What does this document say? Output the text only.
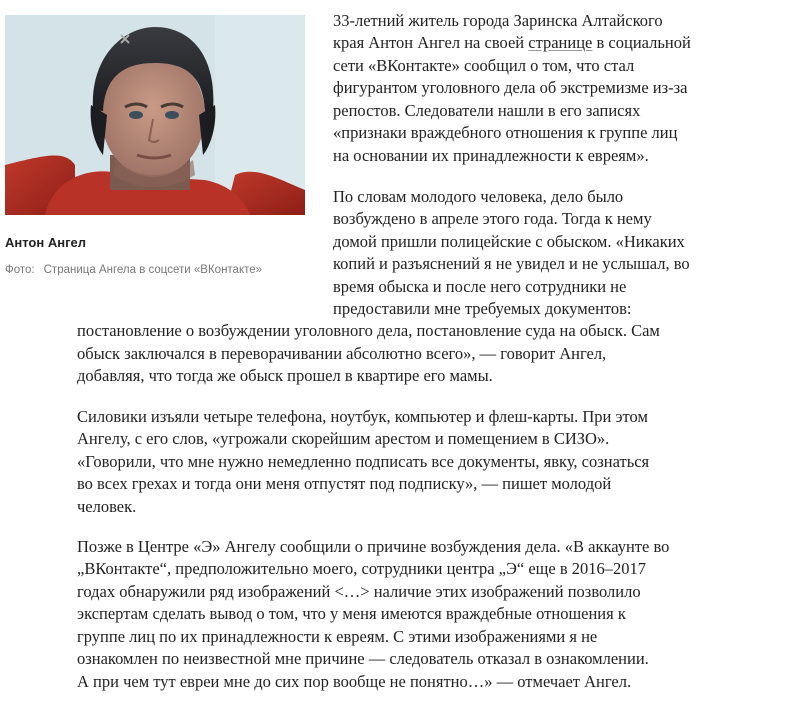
Антон Ангел
Фото: Страница Ангела в соцсети «ВКонтакте»
33-летний житель города Заринска Алтайского
края Антон Ангел на своей странице в социальной
сети «ВКонтакте» сообщил о том, что стал
фигурантом уголовного дела об экстремизме из-за
репостов. Следователи нашли в его записях
«признаки враждебного отношения к группе лиц
на основании их принадлежности к евреям».
По словам молодого человека, дело было
возбуждено в апреле этого года. Тогда к нему
домой пришли полицейские с обыском. «Никаких
копий и разъяснений я не увидел и не услышал, во
время обыска и после него сотрудники не
предоставили мне требуемых документов:
постановление о возбуждении уголовного дела, постановление суда на обыск. Сам
обыск заключался в переворачивании абсолютно всего», — говорит Ангел,
добавляя, что тогда же обыск прошел в квартире его мамы.
Силовики изъяли четыре телефона, ноутбук, компьютер и флеш-карты. При этом
Ангелу, с его слов, «угрожали скорейшим арестом и помещением в СИЗО».
«Говорили, что мне нужно немедленно подписать все документы, явку, сознаться
во всех грехах и тогда они меня отпустят под подписку», — пишет молодой
человек.
Позже в Центре «Э» Ангелу сообщили о причине возбуждения дела. «В аккаунте во
„ВКонтакте“, предположительно моего, сотрудники центра „Э“ еще в 2016–2017
годах обнаружили ряд изображений <…> наличие этих изображений позволило
экспертам сделать вывод о том, что у меня имеются враждебные отношения к
группе лиц по их принадлежности к евреям. С этими изображениями я не
ознакомлен по неизвестной мне причине — следователь отказал в ознакомлении.
А при чем тут евреи мне до сих пор вообще не понятно…» — отмечает Ангел.
